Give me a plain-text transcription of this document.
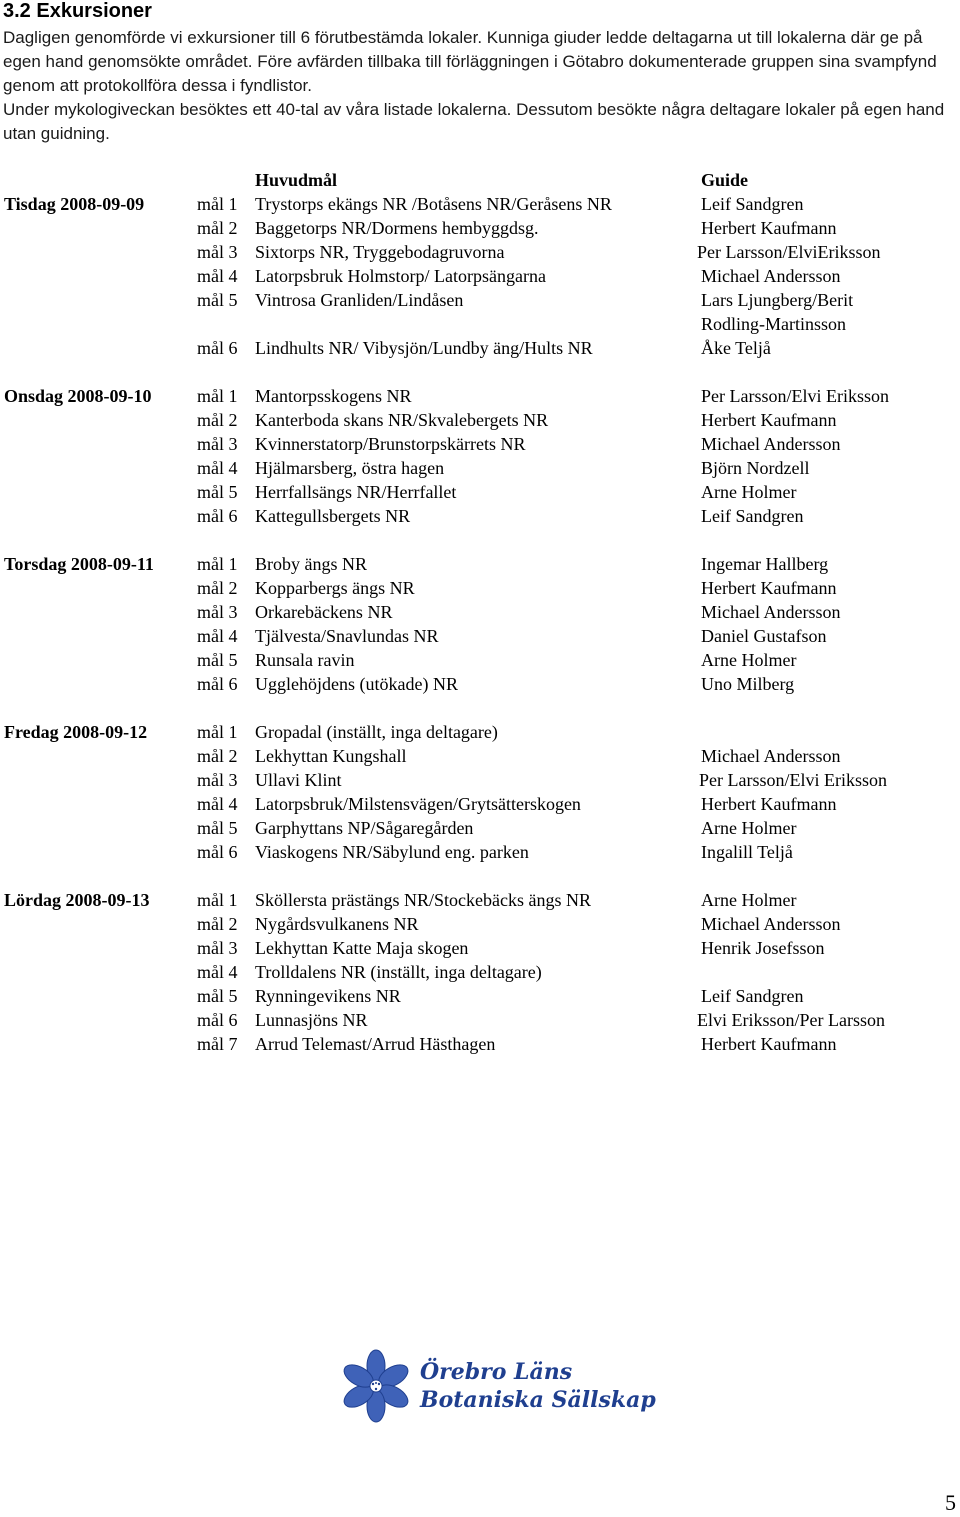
3.2 Exkursioner

Dagligen genomförde vi exkursioner till 6 förutbestämda lokaler. Kunniga giuder ledde deltagarna ut till lokalerna där ge på egen hand genomsökte området. Före avfärden tillbaka till förläggningen i Götabro dokumenterade gruppen sina svampfynd genom att protokollföra dessa i fyndlistor.

Under mykologiveckan besöktes ett 40-tal av våra listade lokalerna. Dessutom besökte några deltagare lokaler på egen hand utan guidning.

Huvudmål	Guide
Tisdag 2008-09-09	mål 1 Trystorps ekängs NR /Botåsens NR/Geråsens NR	Leif Sandgren
mål 2 Baggetorps NR/Dormens hembyggdsg.	Herbert Kaufmann
mål 3 Sixtorps NR, Tryggebodagruvorna	Per Larsson/ElviEriksson
mål 4 Latorpsbruk Holmstorp/ Latorpsängarna	Michael Andersson
mål 5 Vintrosa Granliden/Lindåsen	Lars Ljungberg/Berit
Rodling-Martinsson
mål 6 Lindhults NR/ Vibysjön/Lundby äng/Hults NR	Åke Teljå
Onsdag 2008-09-10	mål 1 Mantorpsskogens NR	Per Larsson/Elvi Eriksson
mål 2 Kanterboda skans NR/Skvalebergets NR	Herbert Kaufmann
mål 3 Kvinnerstatorp/Brunstorpskärrets NR	Michael Andersson
mål 4 Hjälmarsberg, östra hagen	Björn Nordzell
mål 5 Herrfallsängs NR/Herrfallet	Arne Holmer
mål 6 Kattegullsbergets NR	Leif Sandgren
Torsdag 2008-09-11 mål 1 Broby ängs NR	Ingemar Hallberg
mål 2 Kopparbergs ängs NR	Herbert Kaufmann
mål 3 Orkarebäckens NR	Michael Andersson
mål 4 Tjälvesta/Snavlundas NR	Daniel Gustafson
mål 5 Runsala ravin	Arne Holmer
mål 6 Ugglehöjdens (utökade) NR	Uno Milberg
Fredag 2008-09-12	mål 1 Gropadal (inställt, inga deltagare)
mål 2 Lekhyttan Kungshall	Michael Andersson
mål 3 Ullavi Klint	Per Larsson/Elvi Eriksson
mål 4 Latorpsbruk/Milstensvägen/Grytsätterskogen	Herbert Kaufmann
mål 5 Garphyttans NP/Sågaregården	Arne Holmer
mål 6 Viaskogens NR/Säbylund eng. parken	Ingalill Teljå
Lördag 2008-09-13	mål 1 Sköllersta prästängs NR/Stockebäcks ängs NR	Arne Holmer
mål 2 Nygårdsvulkanens NR	Michael Andersson
mål 3 Lekhyttan Katte Maja skogen	Henrik Josefsson
mål 4 Trolldalens NR (inställt, inga deltagare)
mål 5 Rynningevikens NR	Leif Sandgren
mål 6 Lunnasjöns NR	Elvi Eriksson/Per Larsson
mål 7 Arrud Telemast/Arrud Hästhagen	Herbert Kaufmann
Örebro Läns
Botaniska Sällskap
5
